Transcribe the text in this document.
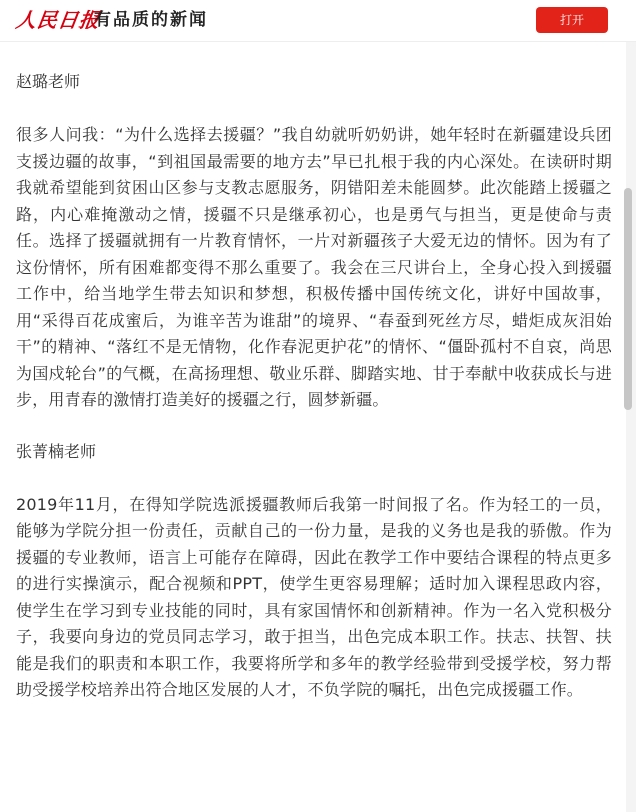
人民日报
有品质的新闻	打开

赵璐老师

很多人问我：“为什么选择去援疆？”我自幼就听奶奶讲，她年轻时在新疆建设兵团支援边疆的故事，“到祖国最需要的地方去”早已扎根于我的内心深处。在读研时期我就希望能到贫困山区参与支教志愿服务，阴错阳差未能圆梦。此次能踏上援疆之路，内心难掩激动之情，援疆不只是继承初心，也是勇气与担当，更是使命与责任。选择了援疆就拥有一片教育情怀，一片对新疆孩子大爱无边的情怀。因为有了这份情怀，所有困难都变得不那么重要了。我会在三尺讲台上，全身心投入到援疆工作中，给当地学生带去知识和梦想，积极传播中国传统文化，讲好中国故事，用“采得百花成蜜后，为谁辛苦为谁甜”的境界、“春蚕到死丝方尽，蜡炬成灰泪始干”的精神、“落红不是无情物，化作春泥更护花”的情怀、“僵卧孤村不自哀，尚思为国戍轮台”的气概，在高扬理想、敬业乐群、脚踏实地、甘于奉献中收获成长与进步，用青春的激情打造美好的援疆之行，圆梦新疆。

张菁楠老师

2019年11月，在得知学院选派援疆教师后我第一时间报了名。作为轻工的一员，能够为学院分担一份责任，贡献自己的一份力量，是我的义务也是我的骄傲。作为援疆的专业教师，语言上可能存在障碍，因此在教学工作中要结合课程的特点更多的进行实操演示，配合视频和PPT，使学生更容易理解；适时加入课程思政内容，使学生在学习到专业技能的同时，具有家国情怀和创新精神。作为一名入党积极分子，我要向身边的党员同志学习，敢于担当，出色完成本职工作。扶志、扶智、扶能是我们的职责和本职工作，我要将所学和多年的教学经验带到受援学校，努力帮助受援学校培养出符合地区发展的人才，不负学院的嘱托，出色完成援疆工作。
